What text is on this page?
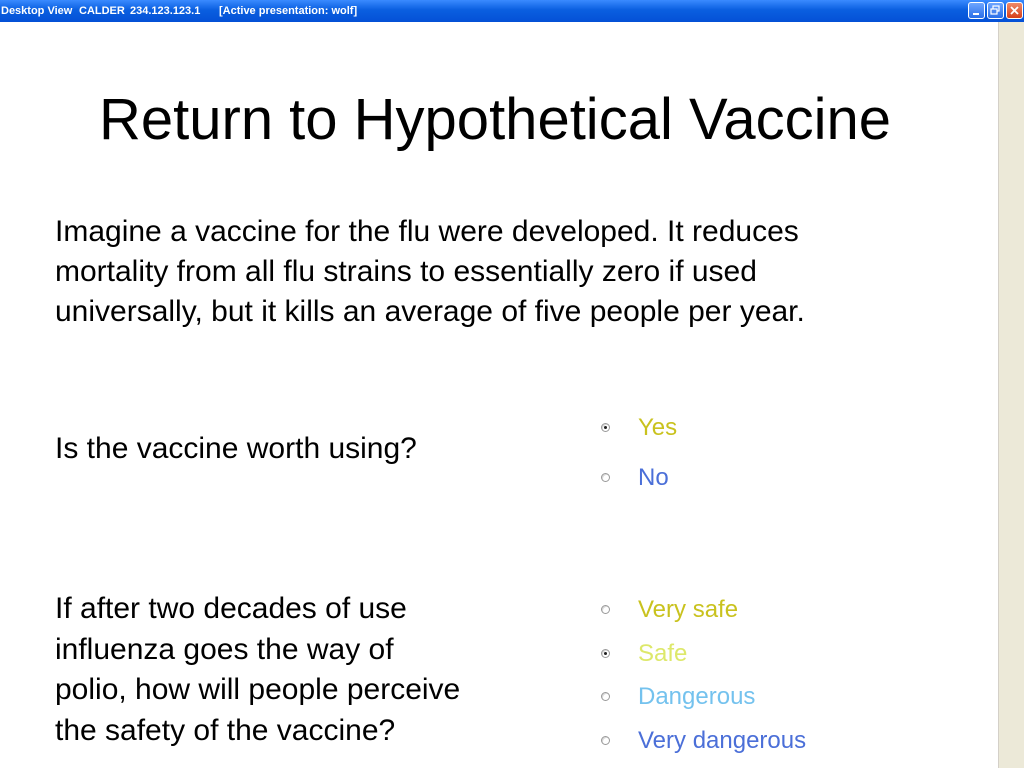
Desktop View CALDER 234.123.123.1 [Active presentation: wolf]
Return to Hypothetical Vaccine
Imagine a vaccine for the flu were developed. It reduces
mortality from all flu strains to essentially zero if used
universally, but it kills an average of five people per year.
Is the vaccine worth using?
Yes
No
If after two decades of use
influenza goes the way of
polio, how will people perceive
the safety of the vaccine?
Very safe
Safe
Dangerous
Very dangerous
